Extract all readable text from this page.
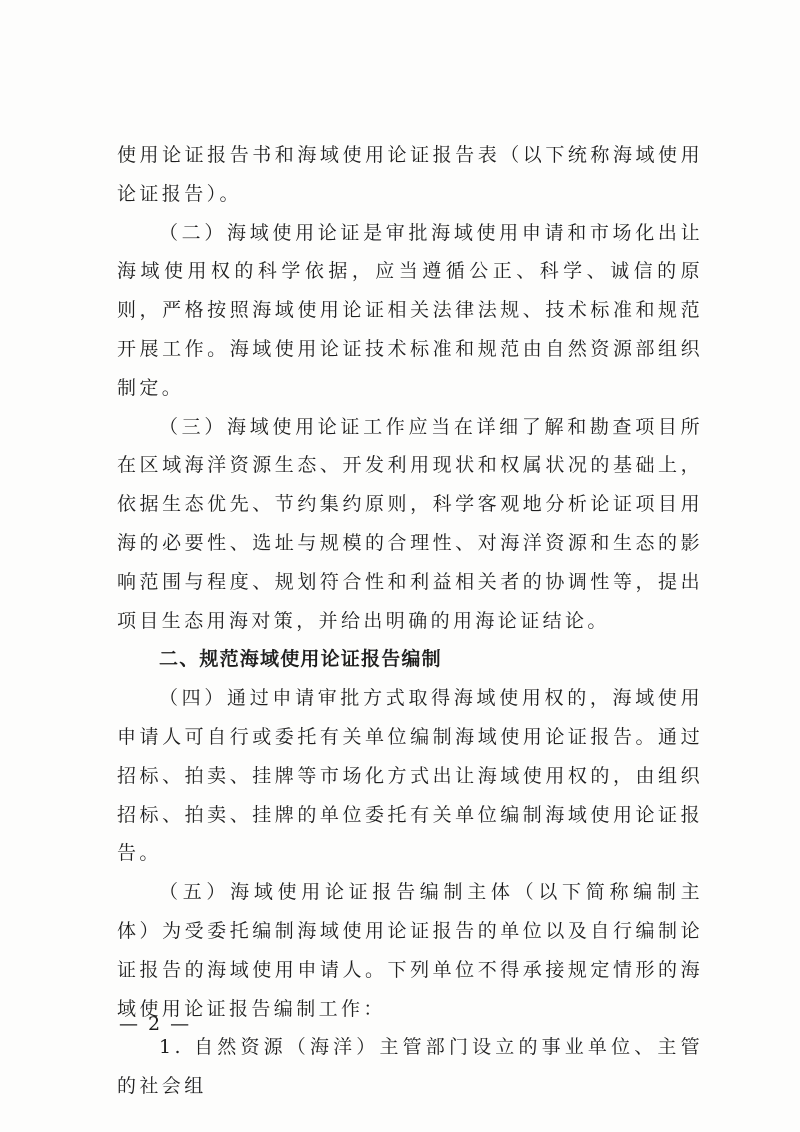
使用论证报告书和海域使用论证报告表（以下统称海域使用论证报告）。

（二）海域使用论证是审批海域使用申请和市场化出让海域使用权的科学依据，应当遵循公正、科学、诚信的原则，严格按照海域使用论证相关法律法规、技术标准和规范开展工作。海域使用论证技术标准和规范由自然资源部组织制定。

（三）海域使用论证工作应当在详细了解和勘查项目所在区域海洋资源生态、开发利用现状和权属状况的基础上，依据生态优先、节约集约原则，科学客观地分析论证项目用海的必要性、选址与规模的合理性、对海洋资源和生态的影响范围与程度、规划符合性和利益相关者的协调性等，提出项目生态用海对策，并给出明确的用海论证结论。

二、规范海域使用论证报告编制

（四）通过申请审批方式取得海域使用权的，海域使用申请人可自行或委托有关单位编制海域使用论证报告。通过招标、拍卖、挂牌等市场化方式出让海域使用权的，由组织招标、拍卖、挂牌的单位委托有关单位编制海域使用论证报告。

（五）海域使用论证报告编制主体（以下简称编制主体）为受委托编制海域使用论证报告的单位以及自行编制论证报告的海域使用申请人。下列单位不得承接规定情形的海域使用论证报告编制工作：

1. 自然资源（海洋）主管部门设立的事业单位、主管的社会组

— 2 —
